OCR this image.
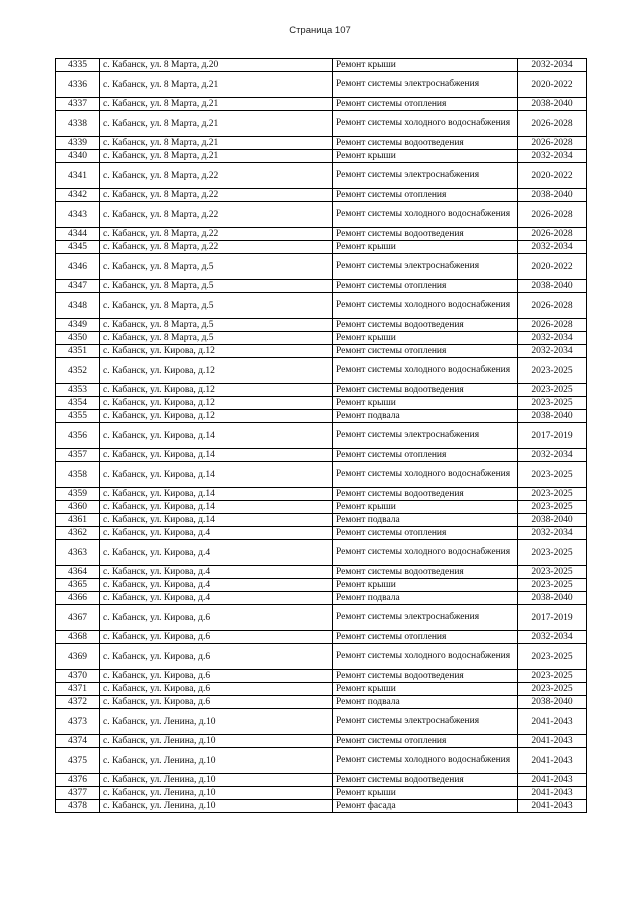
Страница 107
4335	с. Кабанск, ул. 8 Марта, д.20	Ремонт крыши	2032-2034
4336	с. Кабанск, ул. 8 Марта, д.21	Ремонт системы электроснабжения	2020-2022
4337	с. Кабанск, ул. 8 Марта, д.21	Ремонт системы отопления	2038-2040
4338	с. Кабанск, ул. 8 Марта, д.21	Ремонт системы холодного водоснабжения	2026-2028
4339	с. Кабанск, ул. 8 Марта, д.21	Ремонт системы водоотведения	2026-2028
4340	с. Кабанск, ул. 8 Марта, д.21	Ремонт крыши	2032-2034
4341	с. Кабанск, ул. 8 Марта, д.22	Ремонт системы электроснабжения	2020-2022
4342	с. Кабанск, ул. 8 Марта, д.22	Ремонт системы отопления	2038-2040
4343	с. Кабанск, ул. 8 Марта, д.22	Ремонт системы холодного водоснабжения	2026-2028
4344	с. Кабанск, ул. 8 Марта, д.22	Ремонт системы водоотведения	2026-2028
4345	с. Кабанск, ул. 8 Марта, д.22	Ремонт крыши	2032-2034
4346	с. Кабанск, ул. 8 Марта, д.5	Ремонт системы электроснабжения	2020-2022
4347	с. Кабанск, ул. 8 Марта, д.5	Ремонт системы отопления	2038-2040
4348	с. Кабанск, ул. 8 Марта, д.5	Ремонт системы холодного водоснабжения	2026-2028
4349	с. Кабанск, ул. 8 Марта, д.5	Ремонт системы водоотведения	2026-2028
4350	с. Кабанск, ул. 8 Марта, д.5	Ремонт крыши	2032-2034
4351	с. Кабанск, ул. Кирова, д.12	Ремонт системы отопления	2032-2034
4352	с. Кабанск, ул. Кирова, д.12	Ремонт системы холодного водоснабжения	2023-2025
4353	с. Кабанск, ул. Кирова, д.12	Ремонт системы водоотведения	2023-2025
4354	с. Кабанск, ул. Кирова, д.12	Ремонт крыши	2023-2025
4355	с. Кабанск, ул. Кирова, д.12	Ремонт подвала	2038-2040
4356	с. Кабанск, ул. Кирова, д.14	Ремонт системы электроснабжения	2017-2019
4357	с. Кабанск, ул. Кирова, д.14	Ремонт системы отопления	2032-2034
4358	с. Кабанск, ул. Кирова, д.14	Ремонт системы холодного водоснабжения	2023-2025
4359	с. Кабанск, ул. Кирова, д.14	Ремонт системы водоотведения	2023-2025
4360	с. Кабанск, ул. Кирова, д.14	Ремонт крыши	2023-2025
4361	с. Кабанск, ул. Кирова, д.14	Ремонт подвала	2038-2040
4362	с. Кабанск, ул. Кирова, д.4	Ремонт системы отопления	2032-2034
4363	с. Кабанск, ул. Кирова, д.4	Ремонт системы холодного водоснабжения	2023-2025
4364	с. Кабанск, ул. Кирова, д.4	Ремонт системы водоотведения	2023-2025
4365	с. Кабанск, ул. Кирова, д.4	Ремонт крыши	2023-2025
4366	с. Кабанск, ул. Кирова, д.4	Ремонт подвала	2038-2040
4367	с. Кабанск, ул. Кирова, д.6	Ремонт системы электроснабжения	2017-2019
4368	с. Кабанск, ул. Кирова, д.6	Ремонт системы отопления	2032-2034
4369	с. Кабанск, ул. Кирова, д.6	Ремонт системы холодного водоснабжения	2023-2025
4370	с. Кабанск, ул. Кирова, д.6	Ремонт системы водоотведения	2023-2025
4371	с. Кабанск, ул. Кирова, д.6	Ремонт крыши	2023-2025
4372	с. Кабанск, ул. Кирова, д.6	Ремонт подвала	2038-2040
4373	с. Кабанск, ул. Ленина, д.10	Ремонт системы электроснабжения	2041-2043
4374	с. Кабанск, ул. Ленина, д.10	Ремонт системы отопления	2041-2043
4375	с. Кабанск, ул. Ленина, д.10	Ремонт системы холодного водоснабжения	2041-2043
4376	с. Кабанск, ул. Ленина, д.10	Ремонт системы водоотведения	2041-2043
4377	с. Кабанск, ул. Ленина, д.10	Ремонт крыши	2041-2043
4378	с. Кабанск, ул. Ленина, д.10	Ремонт фасада	2041-2043
